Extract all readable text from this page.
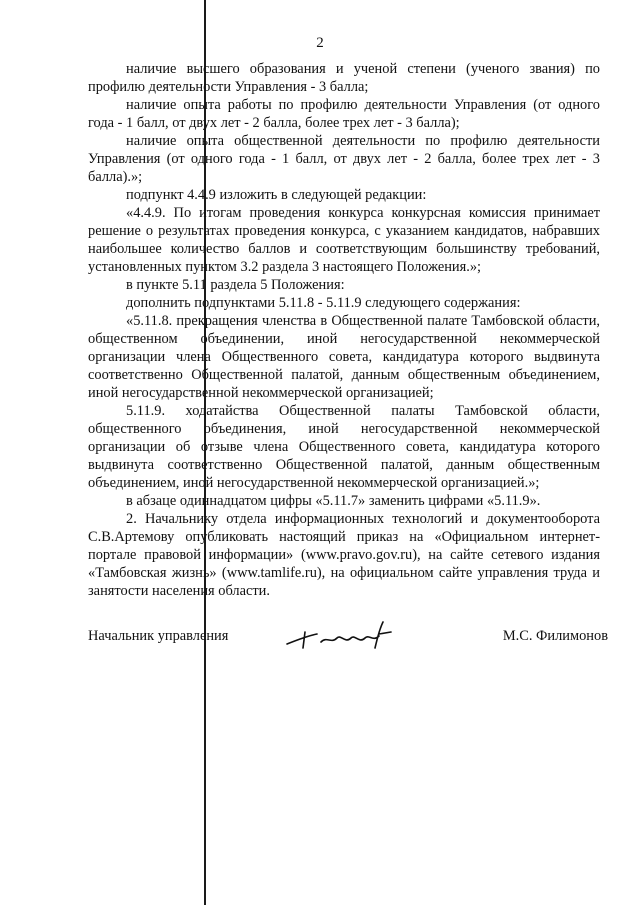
2

наличие высшего образования и ученой степени (ученого звания) по профилю деятельности Управления - 3 балла;

наличие опыта работы по профилю деятельности Управления (от одного года - 1 балл, от двух лет - 2 балла, более трех лет - 3 балла);

наличие опыта общественной деятельности по профилю деятельности Управления (от одного года - 1 балл, от двух лет - 2 балла, более трех лет - 3 балла).»;

подпункт 4.4.9 изложить в следующей редакции:

«4.4.9. По итогам проведения конкурса конкурсная комиссия принимает решение о результатах проведения конкурса, с указанием кандидатов, набравших наибольшее количество баллов и соответствующим большинству требований, установленных пунктом 3.2 раздела 3 настоящего Положения.»;

в пункте 5.11 раздела 5 Положения:

дополнить подпунктами 5.11.8 - 5.11.9 следующего содержания:

«5.11.8. прекращения членства в Общественной палате Тамбовской области, общественном объединении, иной негосударственной некоммерческой организации члена Общественного совета, кандидатура которого выдвинута соответственно Общественной палатой, данным общественным объединением, иной негосударственной некоммерческой организацией;

5.11.9. ходатайства Общественной палаты Тамбовской области, общественного объединения, иной негосударственной некоммерческой организации об отзыве члена Общественного совета, кандидатура которого выдвинута соответственно Общественной палатой, данным общественным объединением, иной негосударственной некоммерческой организацией.»;

в абзаце одиннадцатом цифры «5.11.7» заменить цифрами «5.11.9».

2. Начальнику отдела информационных технологий и документооборота С.В.Артемову опубликовать настоящий приказ на «Официальном интернет-портале правовой информации» (www.pravo.gov.ru), на сайте сетевого издания «Тамбовская жизнь» (www.tamlife.ru), на официальном сайте управления труда и занятости населения области.

Начальник управления	М.С. Филимонов
